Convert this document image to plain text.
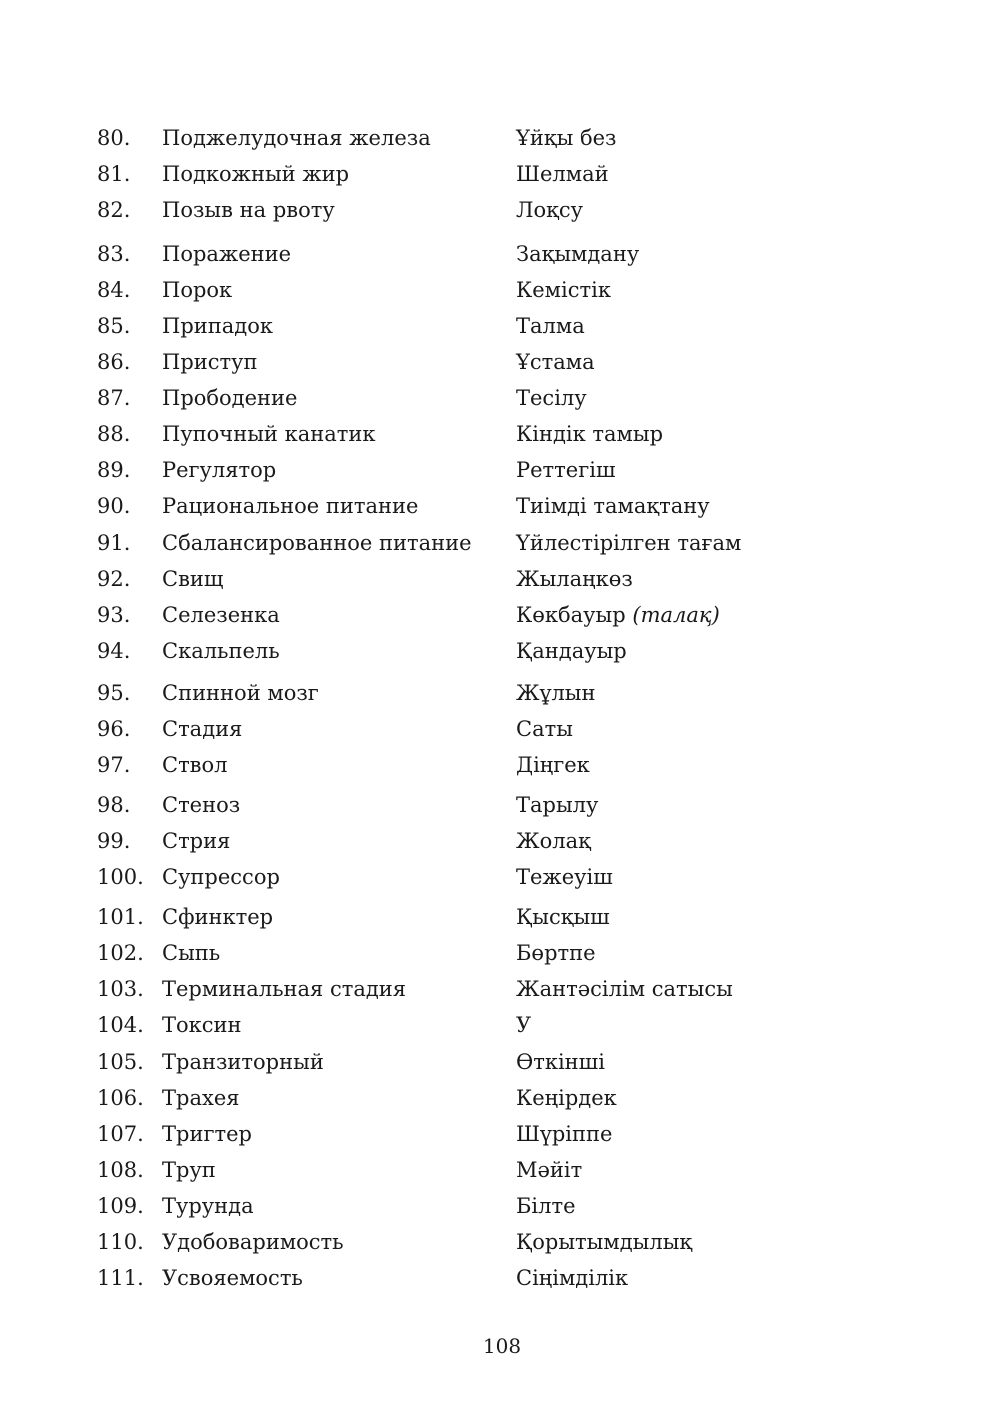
80.	Поджелудочная железа	Ұйқы без
81.	Подкожный жир	Шелмай
82.	Позыв на рвоту	Лоқсу
83.	Поражение	Зақымдану
84.	Порок	Кемістік
85.	Припадок	Талма
86.	Приступ	Ұстама
87.	Прободение	Тесілу
88.	Пупочный канатик	Кіндік тамыр
89.	Регулятор	Реттегіш
90.	Рациональное питание	Тиімді тамақтану
91.	Сбалансированное питание	Үйлестірілген тағам
92.	Свищ	Жылаңкөз
93.	Селезенка	Көкбауыр (талақ)
94.	Скальпель	Қандауыр
95.	Спинной мозг	Жұлын
96.	Стадия	Саты
97.	Ствол	Діңгек
98.	Стеноз	Тарылу
99.	Стрия	Жолақ
100. Супрессор	Тежеуіш
101. Сфинктер	Қысқыш
102. Сыпь	Бөртпе
103. Терминальная стадия	Жантәсілім сатысы
104. Токсин	У
105. Транзиторный	Өткінші
106. Трахея	Кеңірдек
107. Тригтер	Шүріппе
108. Труп	Мәйіт
109. Турунда	Білте
110. Удобоваримость	Қорытымдылық
111. Усвояемость	Сіңімділік
108
